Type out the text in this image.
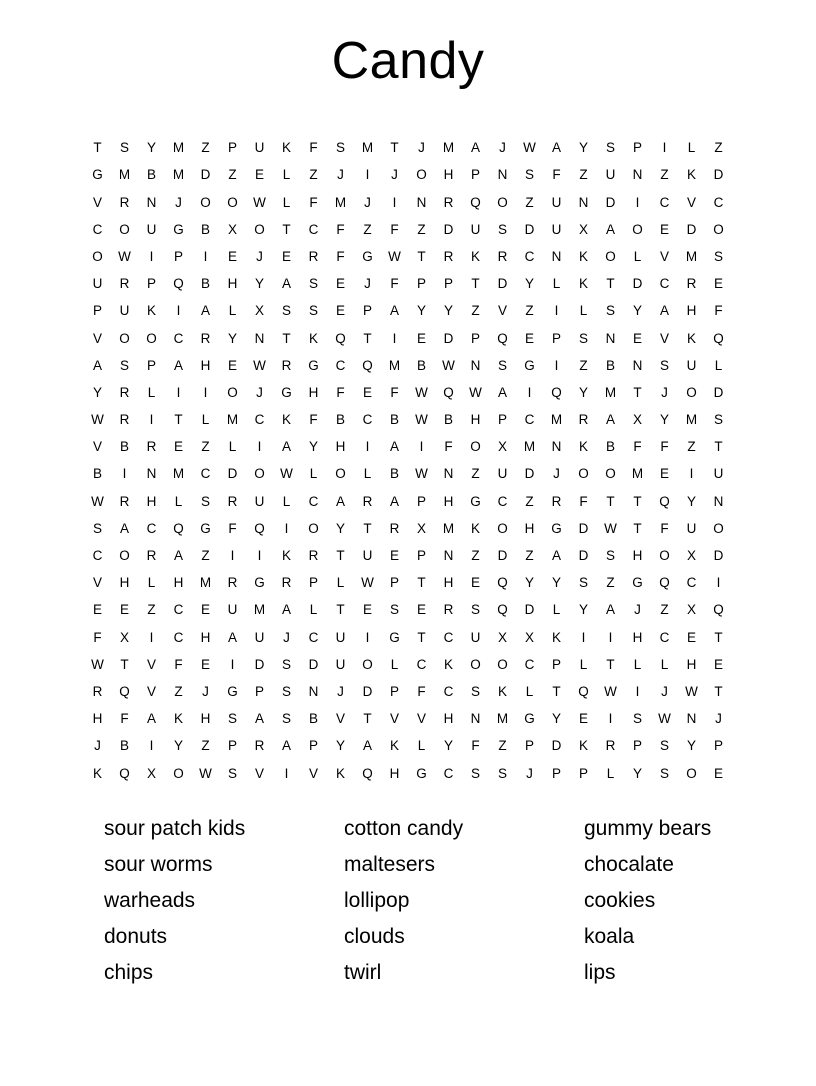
Candy
T	S	Y	M	Z	P	U	K	F	S	M	T	J	M	A	J	W	A	Y	S	P	I	L	Z
G	M	B	M	D	Z	E	L	Z	J	I	J	O	H	P	N	S	F	Z	U	N	Z	K	D
V	R	N	J	O	O	W	L	F	M	J	I	N	R	Q	O	Z	U	N	D	I	C	V	C
C	O	U	G	B	X	O	T	C	F	Z	F	Z	D	U	S	D	U	X	A	O	E	D	O
O	W	I	P	I	E	J	E	R	F	G	W	T	R	K	R	C	N	K	O	L	V	M	S
U	R	P	Q	B	H	Y	A	S	E	J	F	P	P	T	D	Y	L	K	T	D	C	R	E
P	U	K	I	A	L	X	S	S	E	P	A	Y	Y	Z	V	Z	I	L	S	Y	A	H	F
V	O	O	C	R	Y	N	T	K	Q	T	I	E	D	P	Q	E	P	S	N	E	V	K	Q
A	S	P	A	H	E	W	R	G	C	Q	M	B	W	N	S	G	I	Z	B	N	S	U	L
Y	R	L	I	I	O	J	G	H	F	E	F	W	Q	W	A	I	Q	Y	M	T	J	O	D
W	R	I	T	L	M	C	K	F	B	C	B	W	B	H	P	C	M	R	A	X	Y	M	S
V	B	R	E	Z	L	I	A	Y	H	I	A	I	F	O	X	M	N	K	B	F	F	Z	T
B	I	N	M	C	D	O	W	L	O	L	B	W	N	Z	U	D	J	O	O	M	E	I	U
W	R	H	L	S	R	U	L	C	A	R	A	P	H	G	C	Z	R	F	T	T	Q	Y	N
S	A	C	Q	G	F	Q	I	O	Y	T	R	X	M	K	O	H	G	D	W	T	F	U	O
C	O	R	A	Z	I	I	K	R	T	U	E	P	N	Z	D	Z	A	D	S	H	O	X	D
V	H	L	H	M	R	G	R	P	L	W	P	T	H	E	Q	Y	Y	S	Z	G	Q	C	I
E	E	Z	C	E	U	M	A	L	T	E	S	E	R	S	Q	D	L	Y	A	J	Z	X	Q
F	X	I	C	H	A	U	J	C	U	I	G	T	C	U	X	X	K	I	I	H	C	E	T
W	T	V	F	E	I	D	S	D	U	O	L	C	K	O	O	C	P	L	T	L	L	H	E
R	Q	V	Z	J	G	P	S	N	J	D	P	F	C	S	K	L	T	Q	W	I	J	W	T
H	F	A	K	H	S	A	S	B	V	T	V	V	H	N	M	G	Y	E	I	S	W	N	J
J	B	I	Y	Z	P	R	A	P	Y	A	K	L	Y	F	Z	P	D	K	R	P	S	Y	P
K	Q	X	O	W	S	V	I	V	K	Q	H	G	C	S	S	J	P	P	L	Y	S	O	E
sour patch kids
sour worms
warheads
donuts
chips
cotton candy
maltesers
lollipop
clouds
twirl
gummy bears
chocalate
cookies
koala
lips
